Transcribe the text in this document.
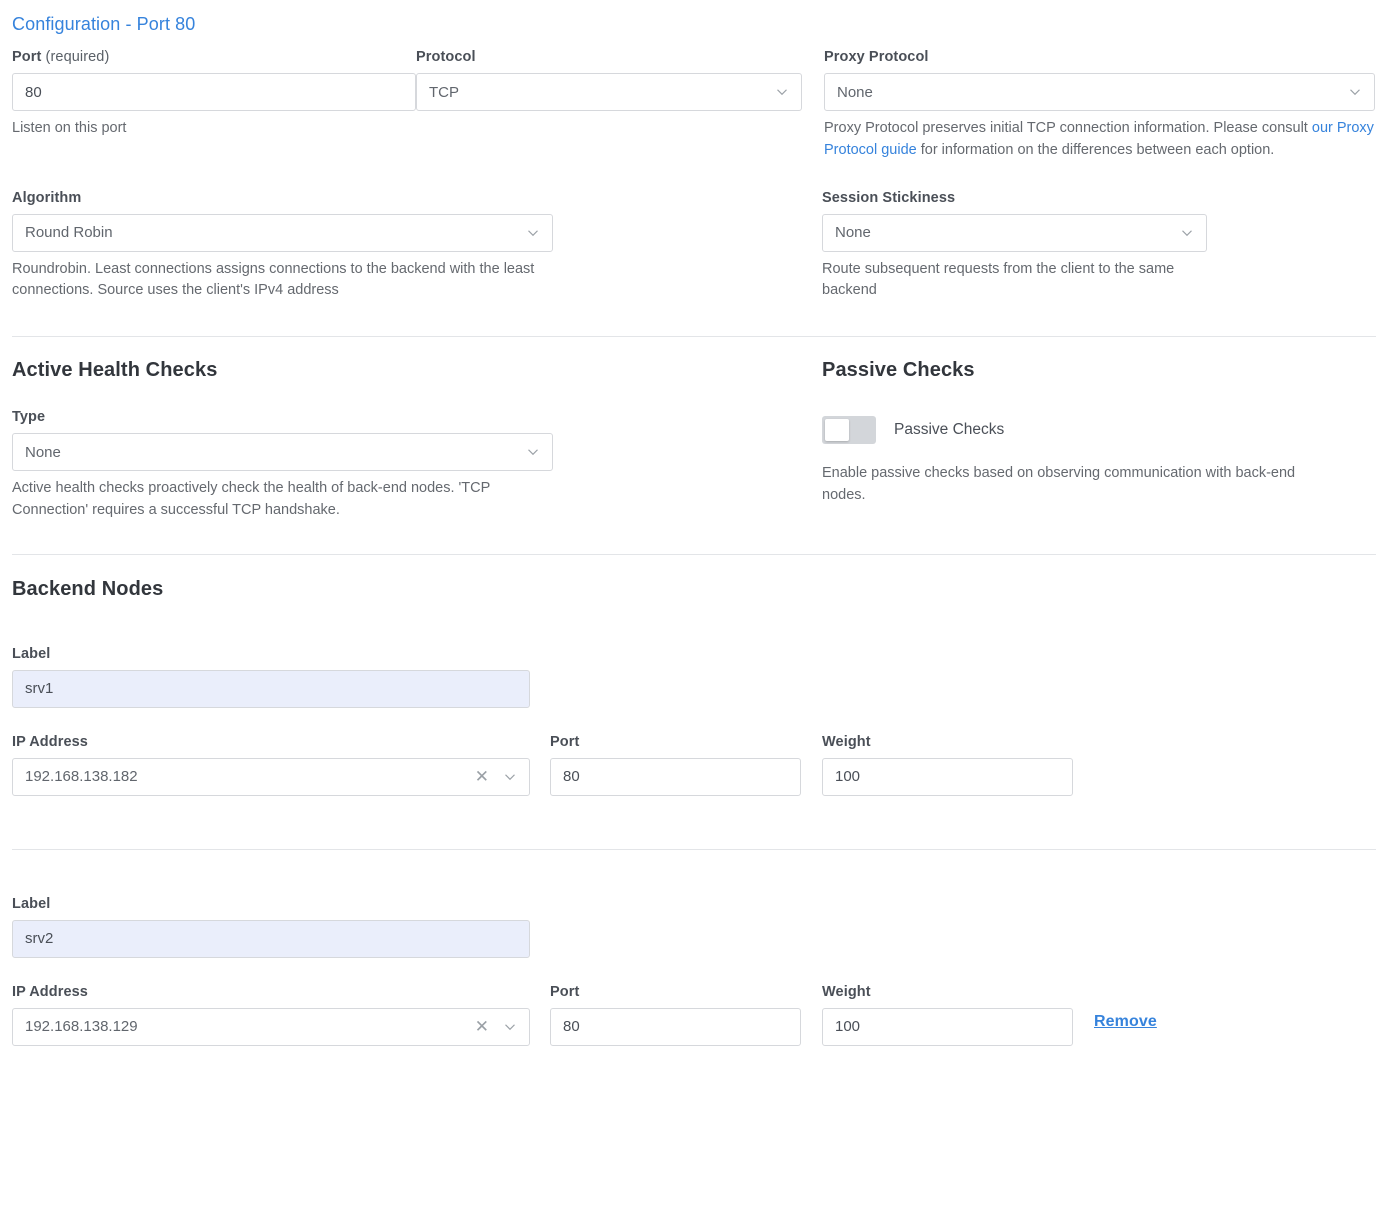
Configuration - Port 80
Port (required)
80
Listen on this port
Protocol
TCP
Proxy Protocol
None
Proxy Protocol preserves initial TCP connection information. Please consult our Proxy Protocol guide for information on the differences between each option.
Algorithm
Round Robin
Roundrobin. Least connections assigns connections to the backend with the least connections. Source uses the client's IPv4 address
Session Stickiness
None
Route subsequent requests from the client to the same backend
Active Health Checks
Type
None
Active health checks proactively check the health of back-end nodes. 'TCP Connection' requires a successful TCP handshake.
Passive Checks
Passive Checks
Enable passive checks based on observing communication with back-end nodes.
Backend Nodes
Label
srv1
IP Address
192.168.138.182	✕
Port
80
Weight
100
Label
srv2
IP Address
192.168.138.129	✕
Port
80
Weight
100	Remove
